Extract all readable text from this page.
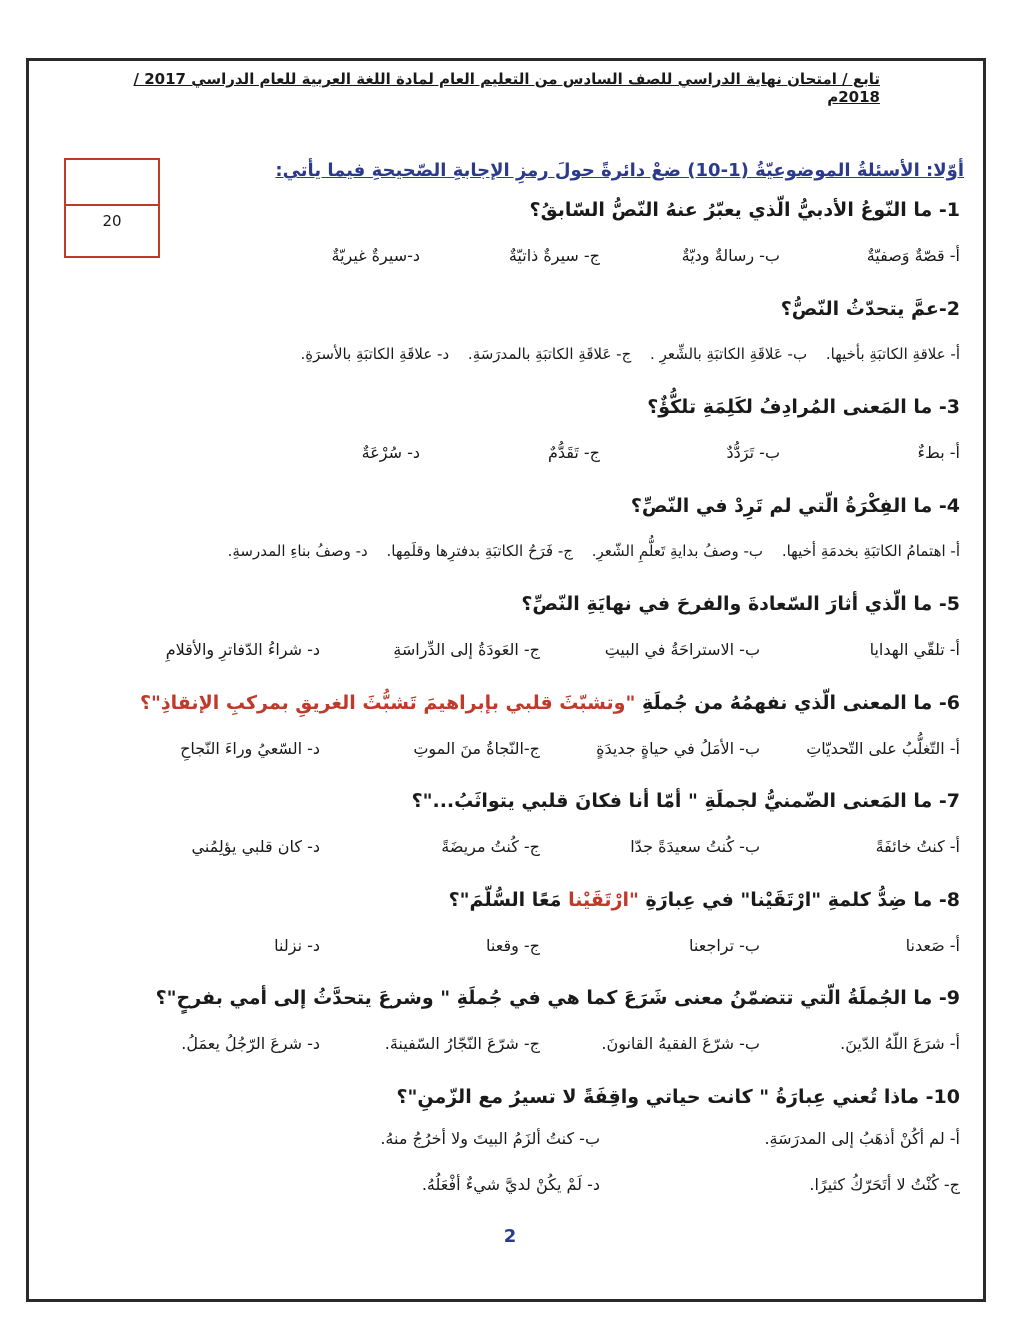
تابع / امتحان نهاية الدراسي للصف السادس من التعليم العام لمادة اللغة العربية للعام الدراسي 2017 / 2018م
20
أوّلا: الأسئلةُ الموضوعيّةُ (1-10) ضعْ دائرةً حولَ رمزِ الإجابةِ الصّحيحةِ فيما يأتي:
1- ما النّوعُ الأدبيُّ الّذي يعبّرُ عنهُ النّصُّ السّابقُ؟
أ- قصّةٌ وَصفيّةٌ
ب- رسالةٌ وديّةٌ
ج- سيرةٌ ذاتيّةٌ
د-سيرةٌ غيريّةٌ
2-عمَّ يتحدّثُ النّصُّ؟
أ- علاقةِ الكاتبَةِ بأخيها. ب- عَلاقَةِ الكاتبَةِ بالشِّعرِ . ج- عَلاقَةِ الكاتبَةِ بالمدرَسَةِ. د- علاقَةِ الكاتبَةِ بالأسرَةِ.
3- ما المَعنى المُرادِفُ لكَلِمَةِ تلكُّؤٌ؟
أ- بطءٌ
ب- تَرَدُّدٌ
ج- تَقَدُّمٌ
د- سُرْعَةٌ
4- ما الفِكْرَةُ الّتي لم تَرِدْ في النّصِّ؟
أ- اهتمامُ الكاتبَةِ بخدمَةِ أخيها. ب- وصفُ بدايةِ تَعلُّمِ الشّعرِ. ج- فَرَحُ الكاتبَةِ بدفترِها وقلَمِها. د- وصفُ بناءِ المدرسةِ.
5- ما الّذي أثارَ السّعادةَ والفرحَ في نهايَةِ النّصِّ؟
أ- تلقّي الهدايا
ب- الاستراحَةُ في البيتِ
ج- العَودَةُ إلى الدِّراسَةِ
د- شراءُ الدّفاترِ والأقلامِ
6- ما المعنى الّذي نفهمُهُ من جُملَةِ "وتشبّثَ قلبي بإبراهيمَ تَشبُّثَ الغريقِ بمركبِ الإنقاذِ"؟
أ- التّغلُّبُ على التّحديّاتِ
ب- الأمَلُ في حياةٍ جديدَةٍ
ج-النّجاةُ منَ الموتِ
د- السّعيُ وراءَ النّجاحِ
7- ما المَعنى الضّمنيُّ لجملَةِ " أمّا أنا فكانَ قلبي يتواثَبُ..."؟
أ- كنتُ خائفَةً
ب- كُنتُ سعيدَةً جدّا
ج- كُنتُ مريضَةً
د- كان قلبي يؤلِمُني
8- ما ضِدُّ كلمةِ "ارْتَقَيْنا" في عِبارَةِ "ارْتَقَيْنا مَعًا السُّلّمَ"؟
أ- صَعدنا
ب- تراجعنا
ج- وقعنا
د- نزلنا
9- ما الجُملَةُ الّتي تتضمّنُ معنى شَرَعَ كما هي في جُملَةِ " وشرعَ يتحدَّثُ إلى أمي بفرحٍ"؟
أ- شرَعَ اللّهُ الدّينَ.
ب- شرّعَ الفقيهُ القانونَ.
ج- شرّعَ النّجّارُ السّفينةَ.
د- شرعَ الرّجُلُ يعمَلُ.
10- ماذا تُعني عِبارَةُ " كانت حياتي واقِفَةً لا تسيرُ مع الزّمنِ"؟
أ- لم أكُنْ أذهَبُ إلى المدرَسَةِ.
ب- كنتُ ألزَمُ البيتَ ولا أخرُجُ منهُ.
ج- كُنْتُ لا أتَحَرّكُ كثيرًا.
د- لَمْ يكُنْ لديَّ شيءٌ أفْعَلُهُ.
2
